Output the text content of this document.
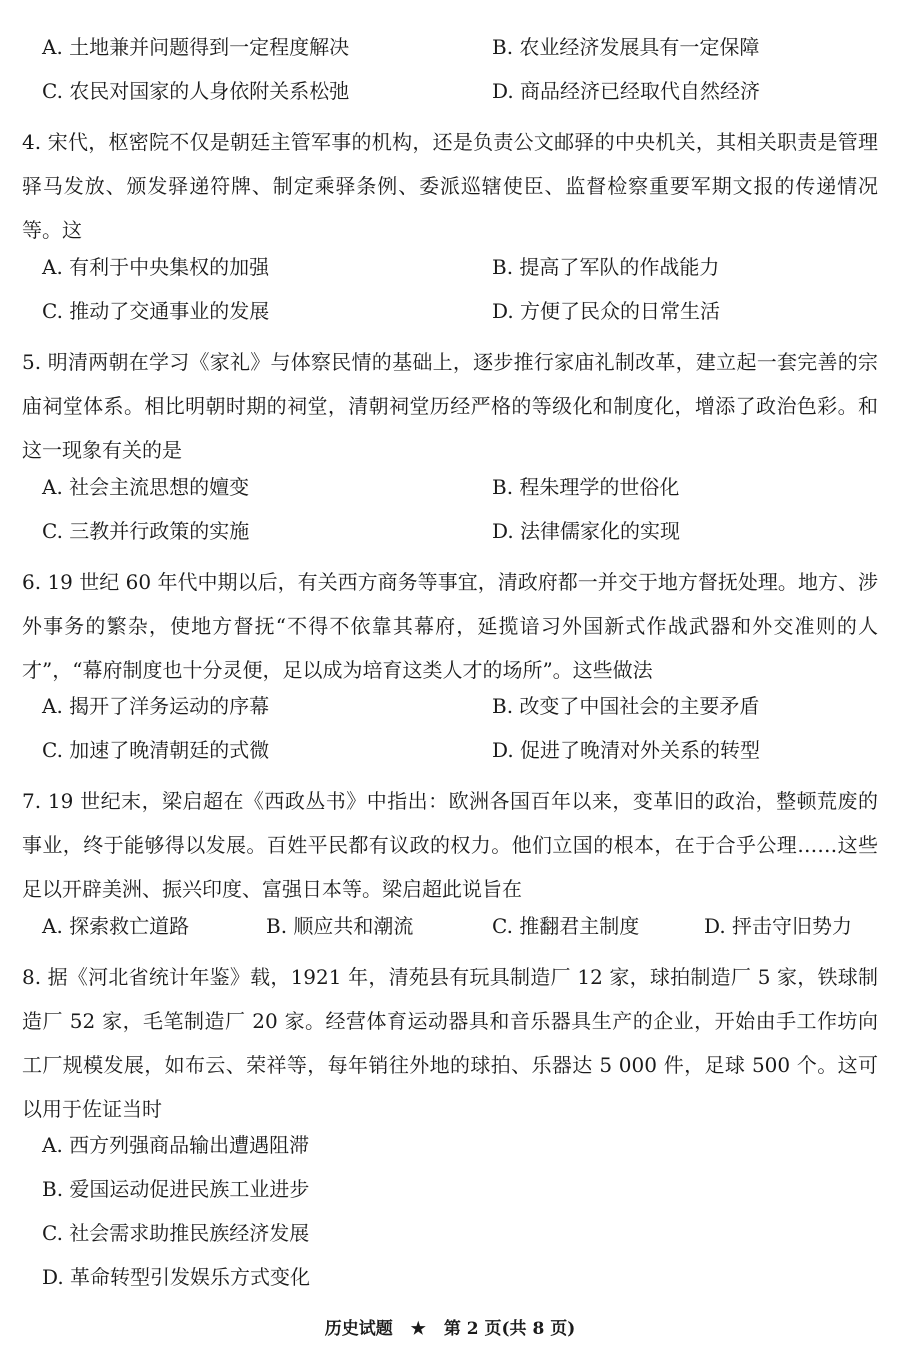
A. 土地兼并问题得到一定程度解决	B. 农业经济发展具有一定保障
C. 农民对国家的人身依附关系松弛	D. 商品经济已经取代自然经济
4. 宋代，枢密院不仅是朝廷主管军事的机构，还是负责公文邮驿的中央机关，其相关职责是管理驿马发放、颁发驿递符牌、制定乘驿条例、委派巡辖使臣、监督检察重要军期文报的传递情况等。这
A. 有利于中央集权的加强	B. 提高了军队的作战能力
C. 推动了交通事业的发展	D. 方便了民众的日常生活
5. 明清两朝在学习《家礼》与体察民情的基础上，逐步推行家庙礼制改革，建立起一套完善的宗庙祠堂体系。相比明朝时期的祠堂，清朝祠堂历经严格的等级化和制度化，增添了政治色彩。和这一现象有关的是
A. 社会主流思想的嬗变	B. 程朱理学的世俗化
C. 三教并行政策的实施	D. 法律儒家化的实现
6. 19 世纪 60 年代中期以后，有关西方商务等事宜，清政府都一并交于地方督抚处理。地方、涉外事务的繁杂，使地方督抚“不得不依靠其幕府，延揽谙习外国新式作战武器和外交准则的人才”，“幕府制度也十分灵便，足以成为培育这类人才的场所”。这些做法
A. 揭开了洋务运动的序幕	B. 改变了中国社会的主要矛盾
C. 加速了晚清朝廷的式微	D. 促进了晚清对外关系的转型
7. 19 世纪末，梁启超在《西政丛书》中指出：欧洲各国百年以来，变革旧的政治，整顿荒废的事业，终于能够得以发展。百姓平民都有议政的权力。他们立国的根本，在于合乎公理……这些足以开辟美洲、振兴印度、富强日本等。梁启超此说旨在
A. 探索救亡道路	B. 顺应共和潮流	C. 推翻君主制度	D. 抨击守旧势力
8. 据《河北省统计年鉴》载，1921 年，清苑县有玩具制造厂 12 家，球拍制造厂 5 家，铁球制造厂 52 家，毛笔制造厂 20 家。经营体育运动器具和音乐器具生产的企业，开始由手工作坊向工厂规模发展，如布云、荣祥等，每年销往外地的球拍、乐器达 5 000 件，足球 500 个。这可以用于佐证当时
A. 西方列强商品输出遭遇阻滞
B. 爱国运动促进民族工业进步
C. 社会需求助推民族经济发展
D. 革命转型引发娱乐方式变化
历史试题 ★ 第 2 页(共 8 页)
